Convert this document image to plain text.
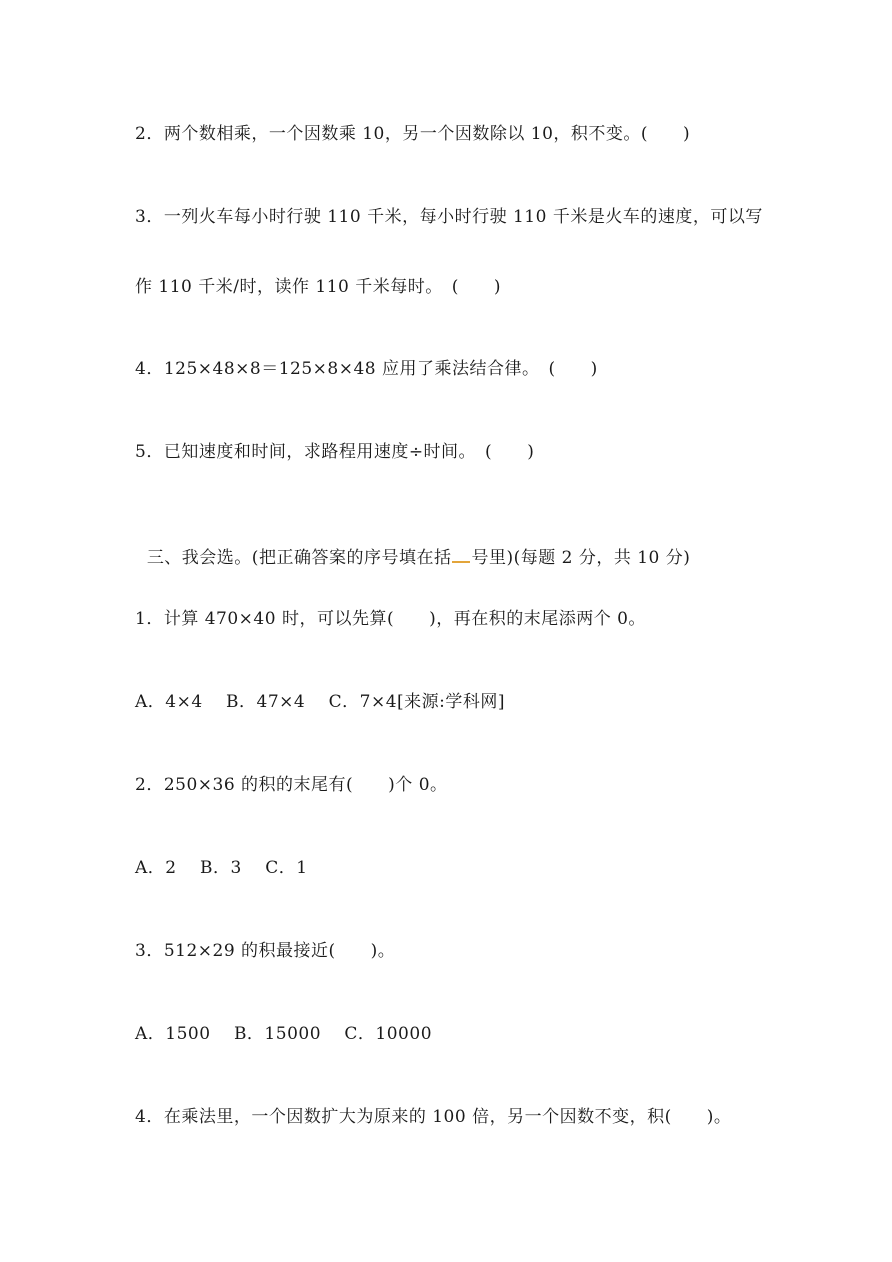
2．两个数相乘，一个因数乘 10，另一个因数除以 10，积不变。(　　)
3．一列火车每小时行驶 110 千米，每小时行驶 110 千米是火车的速度，可以写
作 110 千米/时，读作 110 千米每时。　(　　)
4．125×48×8＝125×8×48 应用了乘法结合律。　(　　)
5．已知速度和时间，求路程用速度÷时间。　(　　)

三、我会选。(把正确答案的序号填在括 号里)(每题 2 分，共 10 分)

1．计算 470×40 时，可以先算(　　)，再在积的末尾添两个 0。
A．4×4　 B．47×4　 C．7×4[来源:学科网]
2．250×36 的积的末尾有(　　)个 0。
A．2　 B．3　 C．1
3．512×29 的积最接近(　　)。
A．1500　 B．15000　 C．10000
4．在乘法里，一个因数扩大为原来的 100 倍，另一个因数不变，积(　　)。
